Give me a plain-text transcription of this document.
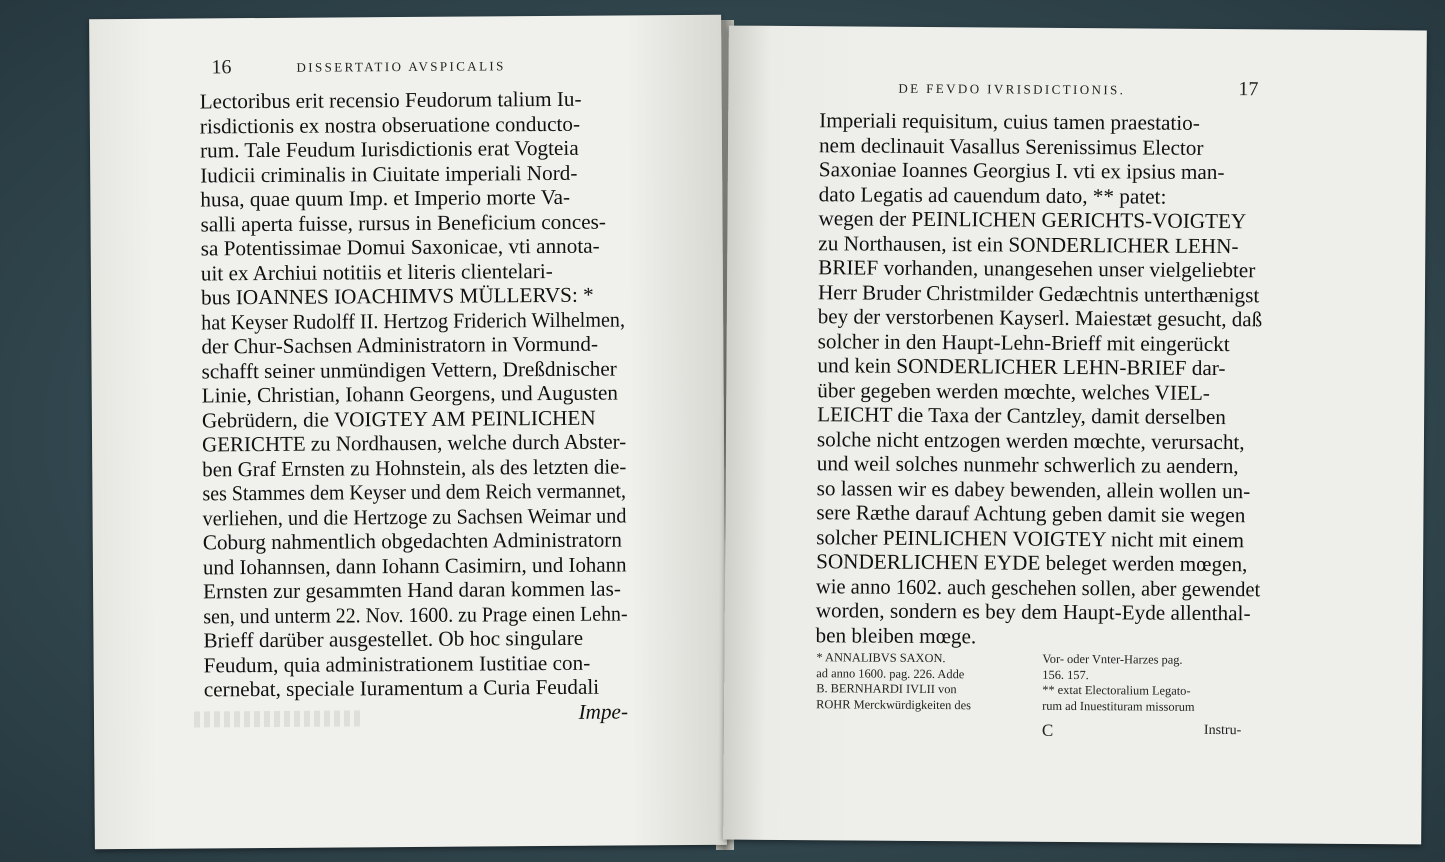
16	DISSERTATIO AVSPICALIS
Lectoribus erit recensio Feudorum talium Iu-
risdictionis ex nostra obseruatione conducto-
rum. Tale Feudum Iurisdictionis erat Vogteia
Iudicii criminalis in Ciuitate imperiali Nord-
husa, quae quum Imp. et Imperio morte Va-
salli aperta fuisse, rursus in Beneficium conces-
sa Potentissimae Domui Saxonicae, vti annota-
uit ex Archiui notitiis et literis clientelari-
bus IOANNES IOACHIMVS MÜLLERVS: *
hat Keyser Rudolff II. Hertzog Friderich Wilhelmen,
der Chur-Sachsen Administratorn in Vormund-
schafft seiner unmündigen Vettern, Dreßdnischer
Linie, Christian, Iohann Georgens, und Augusten
Gebrüdern, die VOIGTEY AM PEINLICHEN
GERICHTE zu Nordhausen, welche durch Abster-
ben Graf Ernsten zu Hohnstein, als des letzten die-
ses Stammes dem Keyser und dem Reich vermannet,
verliehen, und die Hertzoge zu Sachsen Weimar und
Coburg nahmentlich obgedachten Administratorn
und Iohannsen, dann Iohann Casimirn, und Iohann
Ernsten zur gesammten Hand daran kommen las-
sen, und unterm 22. Nov. 1600. zu Prage einen Lehn-
Brieff darüber ausgestellet. Ob hoc singulare
Feudum, quia administrationem Iustitiae con-
cernebat, speciale Iuramentum a Curia Feudali
Impe-
DE FEVDO IVRISDICTIONIS.	17
Imperiali requisitum, cuius tamen praestatio-
nem declinauit Vasallus Serenissimus Elector
Saxoniae Ioannes Georgius I. vti ex ipsius man-
dato Legatis ad cauendum dato, ** patet:
wegen der PEINLICHEN GERICHTS-VOIGTEY
zu Northausen, ist ein SONDERLICHER LEHN-
BRIEF vorhanden, unangesehen unser vielgeliebter
Herr Bruder Christmilder Gedæchtnis unterthænigst
bey der verstorbenen Kayserl. Maiestæt gesucht, daß
solcher in den Haupt-Lehn-Brieff mit eingerückt
und kein SONDERLICHER LEHN-BRIEF dar-
über gegeben werden mœchte, welches VIEL-
LEICHT die Taxa der Cantzley, damit derselben
solche nicht entzogen werden mœchte, verursacht,
und weil solches nunmehr schwerlich zu aendern,
so lassen wir es dabey bewenden, allein wollen un-
sere Ræthe darauf Achtung geben damit sie wegen
solcher PEINLICHEN VOIGTEY nicht mit einem
SONDERLICHEN EYDE beleget werden mœgen,
wie anno 1602. auch geschehen sollen, aber gewendet
worden, sondern es bey dem Haupt-Eyde allenthal-
ben bleiben mœge.
* ANNALIBVS SAXON.
ad anno 1600. pag. 226. Adde
B. BERNHARDI IVLII von
ROHR Merckwürdigkeiten des
Vor- oder Vnter-Harzes pag.
156. 157.
** extat Electoralium Legato-
rum ad Inuestituram missorum
C	Instru-
